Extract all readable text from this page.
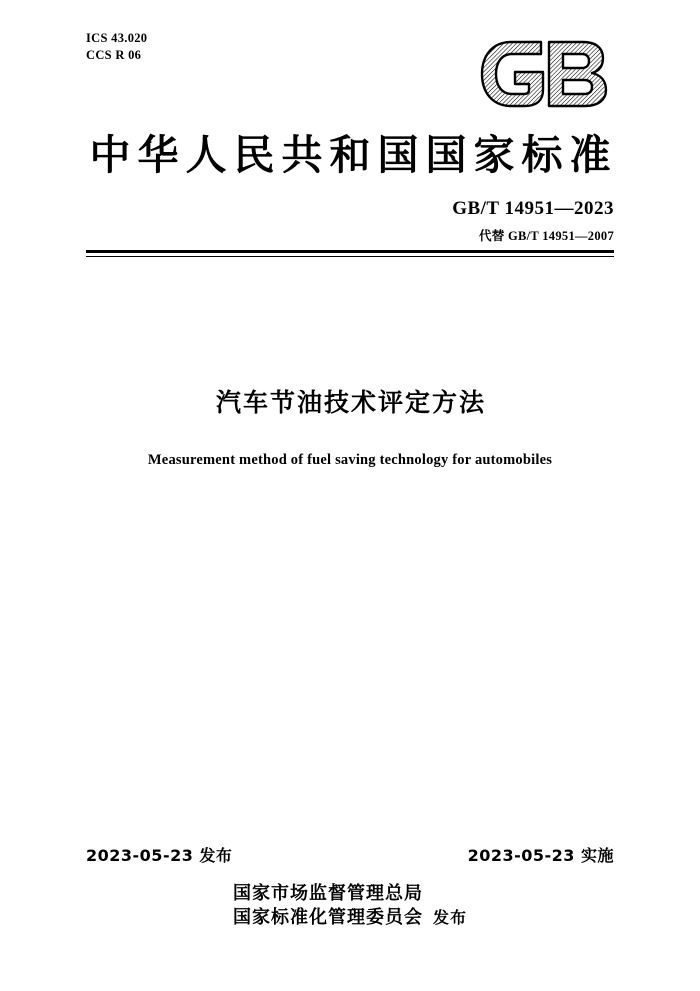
ICS 43.020
CCS R 06
中华人民共和国国家标准
GB/T 14951—2023
代替 GB/T 14951—2007
汽车节油技术评定方法
Measurement method of fuel saving technology for automobiles
2023-05-23 发布	2023-05-23 实施
国家市场监督管理总局
国家标准化管理委员会 发布
